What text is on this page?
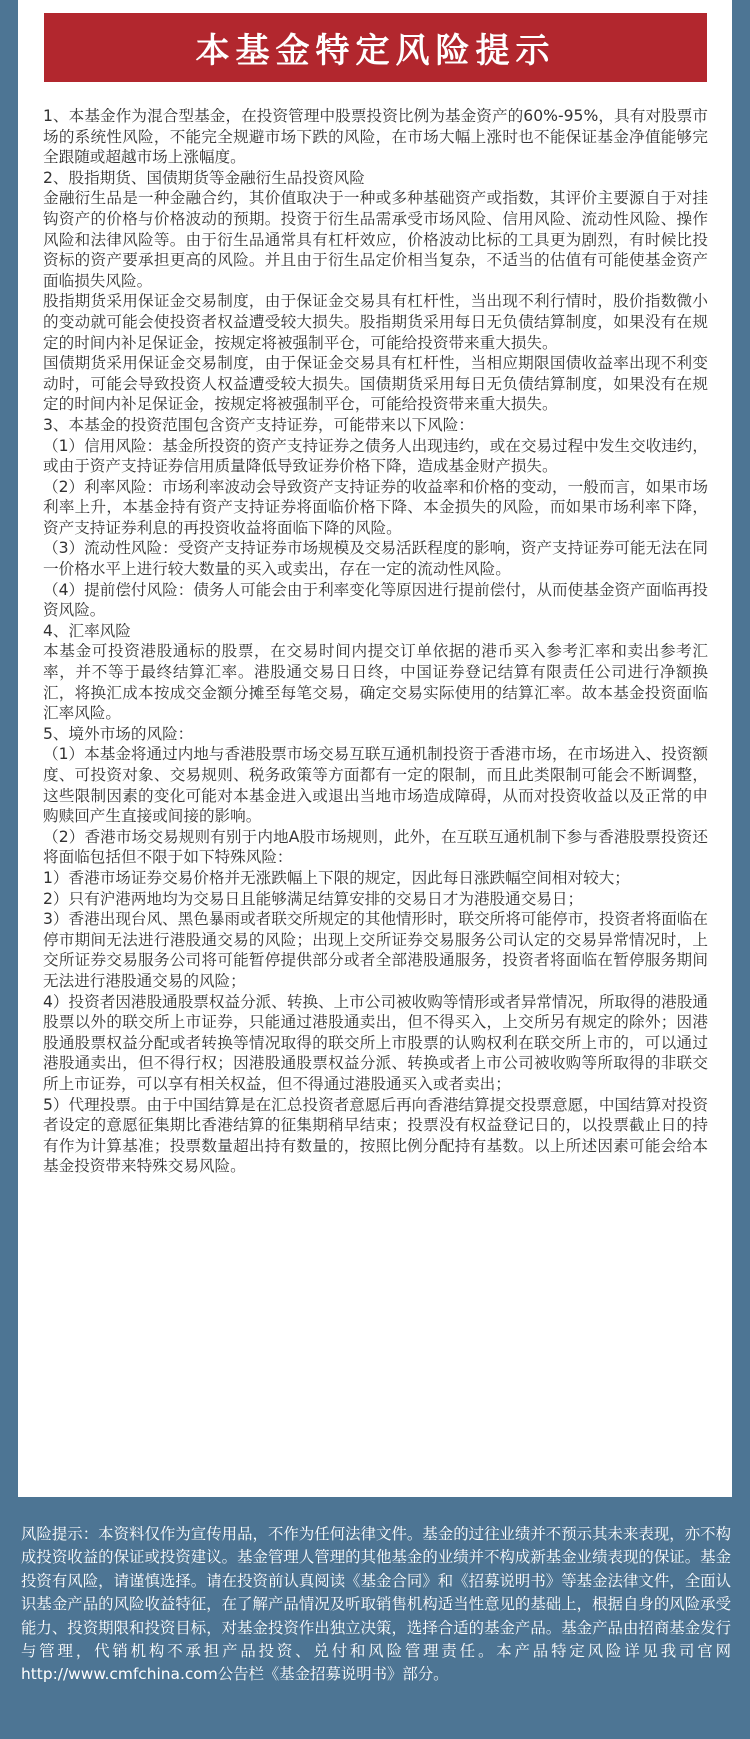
本基金特定风险提示

1、本基金作为混合型基金，在投资管理中股票投资比例为基金资产的60%-95%，具有对股票市场的系统性风险，不能完全规避市场下跌的风险，在市场大幅上涨时也不能保证基金净值能够完全跟随或超越市场上涨幅度。

2、股指期货、国债期货等金融衍生品投资风险

金融衍生品是一种金融合约，其价值取决于一种或多种基础资产或指数，其评价主要源自于对挂钩资产的价格与价格波动的预期。投资于衍生品需承受市场风险、信用风险、流动性风险、操作风险和法律风险等。由于衍生品通常具有杠杆效应，价格波动比标的工具更为剧烈，有时候比投资标的资产要承担更高的风险。并且由于衍生品定价相当复杂，不适当的估值有可能使基金资产面临损失风险。

股指期货采用保证金交易制度，由于保证金交易具有杠杆性，当出现不利行情时，股价指数微小的变动就可能会使投资者权益遭受较大损失。股指期货采用每日无负债结算制度，如果没有在规定的时间内补足保证金，按规定将被强制平仓，可能给投资带来重大损失。

国债期货采用保证金交易制度，由于保证金交易具有杠杆性，当相应期限国债收益率出现不利变动时，可能会导致投资人权益遭受较大损失。国债期货采用每日无负债结算制度，如果没有在规定的时间内补足保证金，按规定将被强制平仓，可能给投资带来重大损失。

3、本基金的投资范围包含资产支持证券，可能带来以下风险：

（1）信用风险：基金所投资的资产支持证券之债务人出现违约，或在交易过程中发生交收违约，或由于资产支持证券信用质量降低导致证券价格下降，造成基金财产损失。

（2）利率风险：市场利率波动会导致资产支持证券的收益率和价格的变动，一般而言，如果市场利率上升，本基金持有资产支持证券将面临价格下降、本金损失的风险，而如果市场利率下降，资产支持证券利息的再投资收益将面临下降的风险。

（3）流动性风险：受资产支持证券市场规模及交易活跃程度的影响，资产支持证券可能无法在同一价格水平上进行较大数量的买入或卖出，存在一定的流动性风险。

（4）提前偿付风险：债务人可能会由于利率变化等原因进行提前偿付，从而使基金资产面临再投资风险。

4、汇率风险

本基金可投资港股通标的股票，在交易时间内提交订单依据的港币买入参考汇率和卖出参考汇率，并不等于最终结算汇率。港股通交易日日终，中国证券登记结算有限责任公司进行净额换汇，将换汇成本按成交金额分摊至每笔交易，确定交易实际使用的结算汇率。故本基金投资面临汇率风险。

5、境外市场的风险：

（1）本基金将通过内地与香港股票市场交易互联互通机制投资于香港市场，在市场进入、投资额度、可投资对象、交易规则、税务政策等方面都有一定的限制，而且此类限制可能会不断调整，这些限制因素的变化可能对本基金进入或退出当地市场造成障碍，从而对投资收益以及正常的申购赎回产生直接或间接的影响。

（2）香港市场交易规则有别于内地A股市场规则，此外，在互联互通机制下参与香港股票投资还将面临包括但不限于如下特殊风险：

1）香港市场证券交易价格并无涨跌幅上下限的规定，因此每日涨跌幅空间相对较大；

2）只有沪港两地均为交易日且能够满足结算安排的交易日才为港股通交易日；

3）香港出现台风、黑色暴雨或者联交所规定的其他情形时，联交所将可能停市，投资者将面临在停市期间无法进行港股通交易的风险；出现上交所证券交易服务公司认定的交易异常情况时，上交所证券交易服务公司将可能暂停提供部分或者全部港股通服务，投资者将面临在暂停服务期间无法进行港股通交易的风险；

4）投资者因港股通股票权益分派、转换、上市公司被收购等情形或者异常情况，所取得的港股通股票以外的联交所上市证券，只能通过港股通卖出，但不得买入，上交所另有规定的除外；因港股通股票权益分配或者转换等情况取得的联交所上市股票的认购权利在联交所上市的，可以通过港股通卖出，但不得行权；因港股通股票权益分派、转换或者上市公司被收购等所取得的非联交所上市证券，可以享有相关权益，但不得通过港股通买入或者卖出；

5）代理投票。由于中国结算是在汇总投资者意愿后再向香港结算提交投票意愿，中国结算对投资者设定的意愿征集期比香港结算的征集期稍早结束；投票没有权益登记日的，以投票截止日的持有作为计算基准；投票数量超出持有数量的，按照比例分配持有基数。以上所述因素可能会给本基金投资带来特殊交易风险。

风险提示：本资料仅作为宣传用品，不作为任何法律文件。基金的过往业绩并不预示其未来表现，亦不构成投资收益的保证或投资建议。基金管理人管理的其他基金的业绩并不构成新基金业绩表现的保证。基金投资有风险，请谨慎选择。请在投资前认真阅读《基金合同》和《招募说明书》等基金法律文件，全面认识基金产品的风险收益特征，在了解产品情况及听取销售机构适当性意见的基础上，根据自身的风险承受能力、投资期限和投资目标，对基金投资作出独立决策，选择合适的基金产品。基金产品由招商基金发行与管理，代销机构不承担产品投资、兑付和风险管理责任。本产品特定风险详见我司官网http://www.cmfchina.com公告栏《基金招募说明书》部分。
